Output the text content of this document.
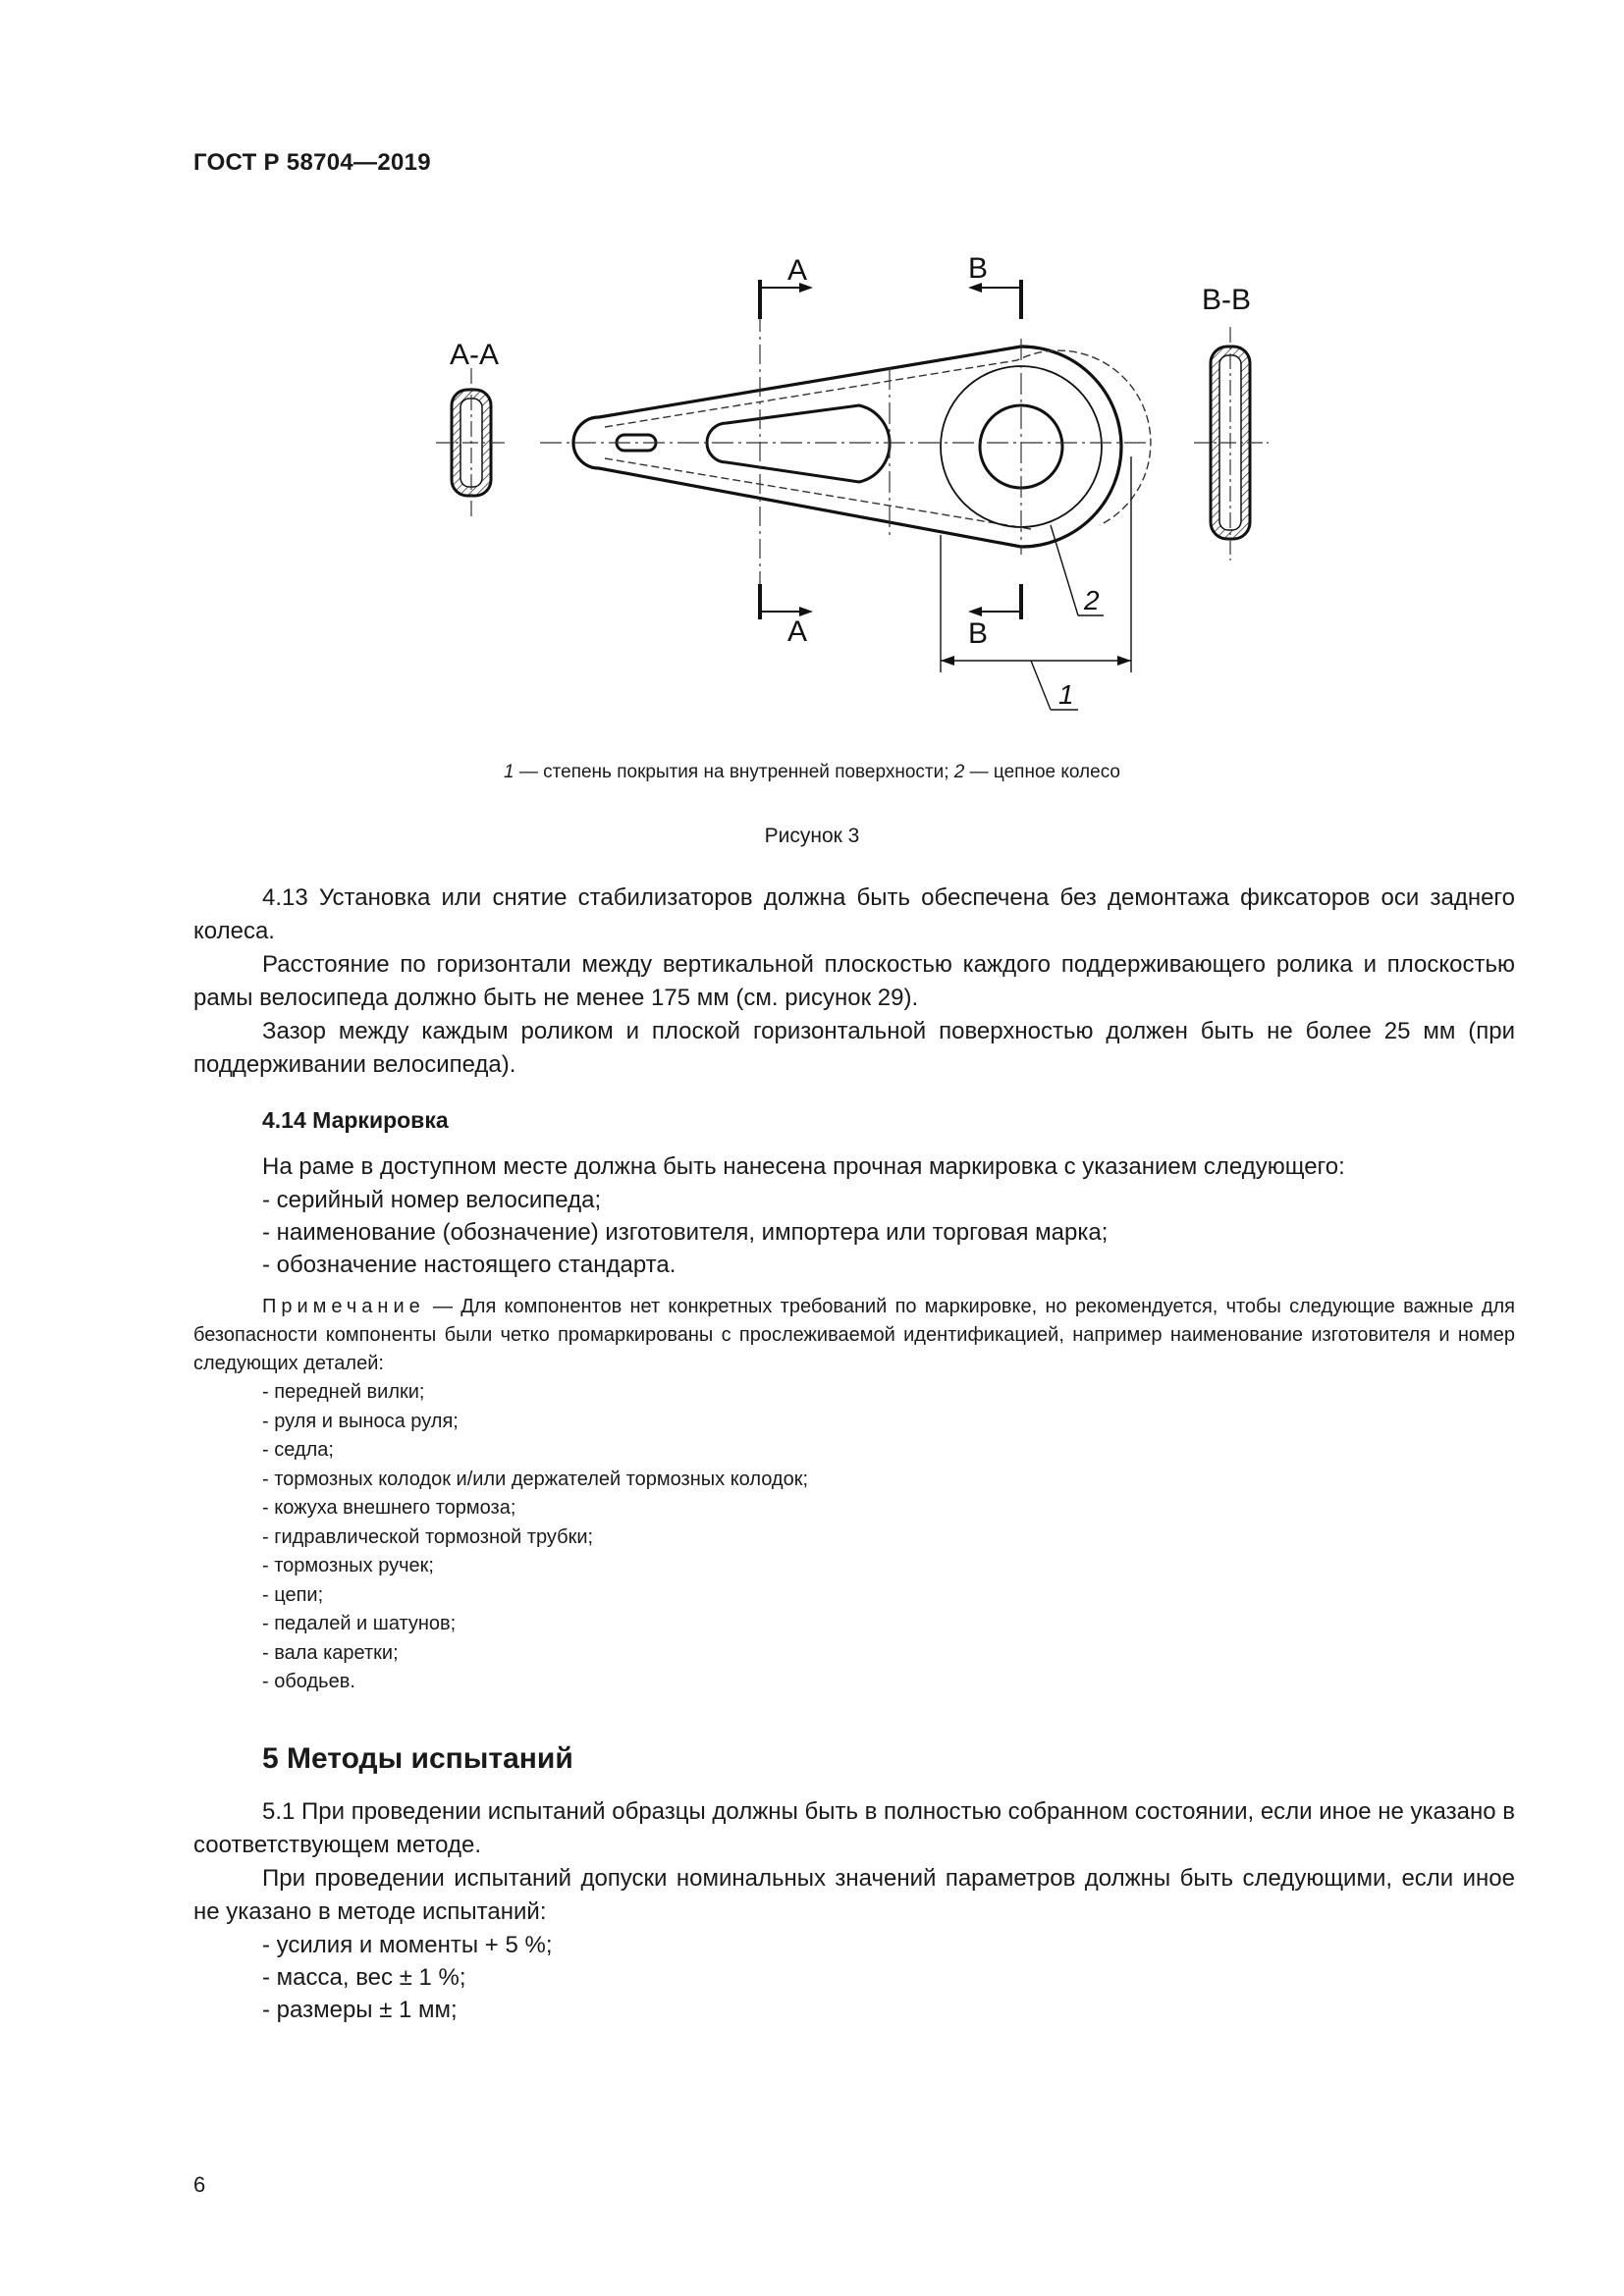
ГОСТ Р 58704—2019
A
A
B
B
A-A
B-B
1
2
1 — степень покрытия на внутренней поверхности; 2 — цепное колесо
Рисунок 3

4.13 Установка или снятие стабилизаторов должна быть обеспечена без демонтажа фиксаторов оси заднего колеса.

Расстояние по горизонтали между вертикальной плоскостью каждого поддерживающего ролика и плоскостью рамы велосипеда должно быть не менее 175 мм (см. рисунок 29).

Зазор между каждым роликом и плоской горизонтальной поверхностью должен быть не более 25 мм (при поддерживании велосипеда).

4.14 Маркировка

На раме в доступном месте должна быть нанесена прочная маркировка с указанием следующего:

- серийный номер велосипеда;
- наименование (обозначение) изготовителя, импортера или торговая марка;
- обозначение настоящего стандарта.

Примечание — Для компонентов нет конкретных требований по маркировке, но рекомендуется, чтобы следующие важные для безопасности компоненты были четко промаркированы с прослеживаемой идентификацией, например наименование изготовителя и номер следующих деталей:

- передней вилки;
- руля и выноса руля;
- седла;
- тормозных колодок и/или держателей тормозных колодок;
- кожуха внешнего тормоза;
- гидравлической тормозной трубки;
- тормозных ручек;
- цепи;
- педалей и шатунов;
- вала каретки;
- ободьев.
5 Методы испытаний

5.1 При проведении испытаний образцы должны быть в полностью собранном состоянии, если иное не указано в соответствующем методе.

При проведении испытаний допуски номинальных значений параметров должны быть следующими, если иное не указано в методе испытаний:

- усилия и моменты + 5 %;
- масса, вес ± 1 %;
- размеры ± 1 мм;
6
